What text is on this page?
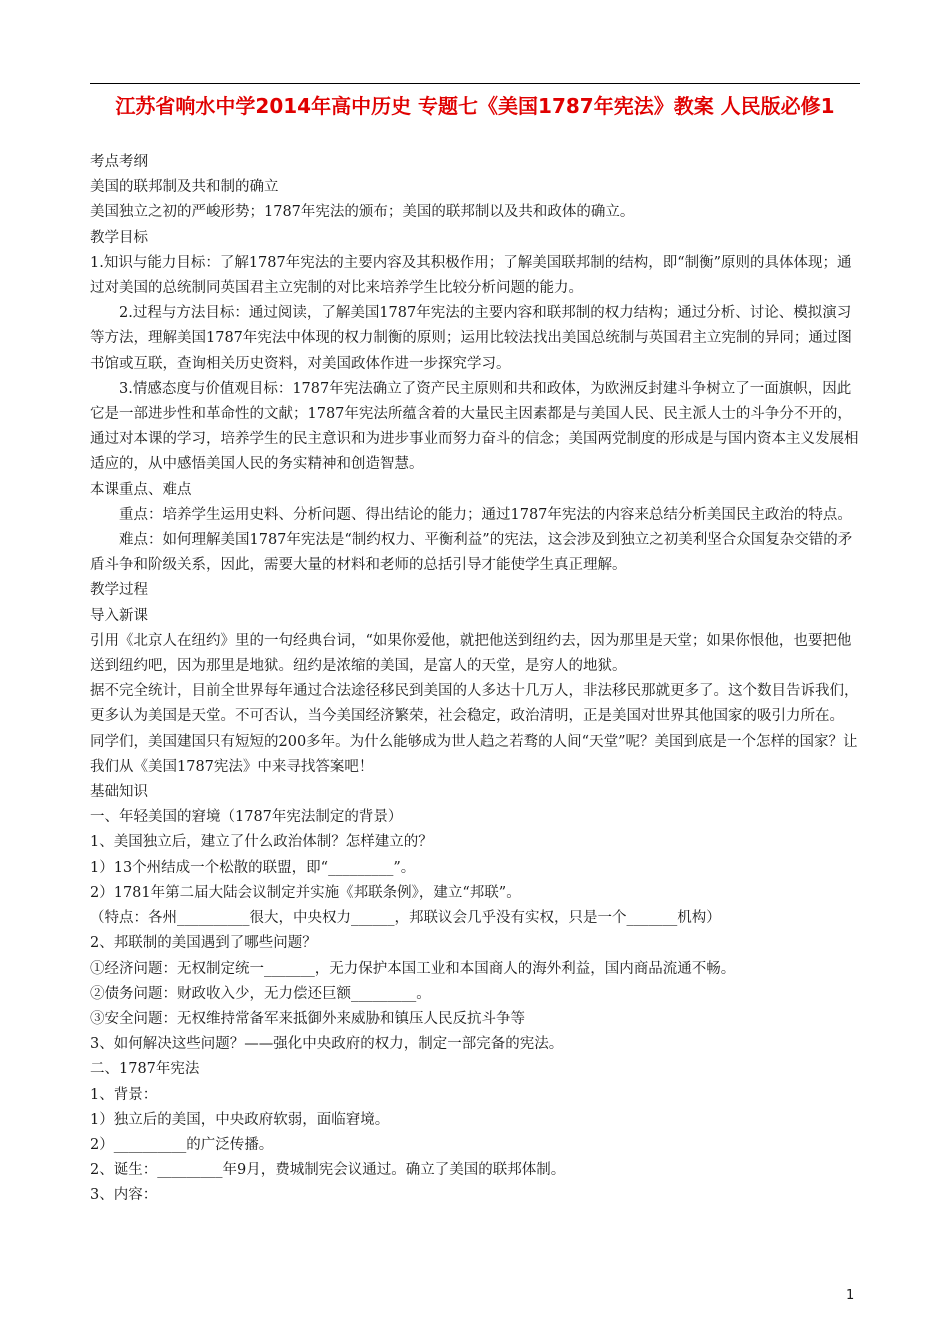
江苏省响水中学2014年高中历史 专题七《美国1787年宪法》教案 人民版必修1

考点考纲

美国的联邦制及共和制的确立

美国独立之初的严峻形势；1787年宪法的颁布；美国的联邦制以及共和政体的确立。

教学目标

1.知识与能力目标：了解1787年宪法的主要内容及其积极作用；了解美国联邦制的结构，即“制衡”原则的具体体现；通过对美国的总统制同英国君主立宪制的对比来培养学生比较分析问题的能力。

2.过程与方法目标：通过阅读，了解美国1787年宪法的主要内容和联邦制的权力结构；通过分析、讨论、模拟演习等方法，理解美国1787年宪法中体现的权力制衡的原则；运用比较法找出美国总统制与英国君主立宪制的异同；通过图书馆或互联，查询相关历史资料，对美国政体作进一步探究学习。

3.情感态度与价值观目标：1787年宪法确立了资产民主原则和共和政体，为欧洲反封建斗争树立了一面旗帜，因此它是一部进步性和革命性的文献；1787年宪法所蕴含着的大量民主因素都是与美国人民、民主派人士的斗争分不开的，通过对本课的学习，培养学生的民主意识和为进步事业而努力奋斗的信念；美国两党制度的形成是与国内资本主义发展相适应的，从中感悟美国人民的务实精神和创造智慧。

本课重点、难点

重点：培养学生运用史料、分析问题、得出结论的能力；通过1787年宪法的内容来总结分析美国民主政治的特点。

难点：如何理解美国1787年宪法是“制约权力、平衡利益”的宪法，这会涉及到独立之初美利坚合众国复杂交错的矛盾斗争和阶级关系，因此，需要大量的材料和老师的总括引导才能使学生真正理解。

教学过程

导入新课

引用《北京人在纽约》里的一句经典台词，“如果你爱他，就把他送到纽约去，因为那里是天堂；如果你恨他，也要把他送到纽约吧，因为那里是地狱。纽约是浓缩的美国，是富人的天堂，是穷人的地狱。

据不完全统计，目前全世界每年通过合法途径移民到美国的人多达十几万人，非法移民那就更多了。这个数目告诉我们，更多认为美国是天堂。不可否认，当今美国经济繁荣，社会稳定，政治清明，正是美国对世界其他国家的吸引力所在。

同学们，美国建国只有短短的200多年。为什么能够成为世人趋之若骛的人间“天堂”呢？美国到底是一个怎样的国家？让我们从《美国1787宪法》中来寻找答案吧！

基础知识

一、年轻美国的窘境（1787年宪法制定的背景）

1、美国独立后，建立了什么政治体制？怎样建立的？

1）13个州结成一个松散的联盟，即“_________”。

2）1781年第二届大陆会议制定并实施《邦联条例》，建立“邦联”。

（特点：各州__________很大，中央权力______，邦联议会几乎没有实权，只是一个_______机构）

2、邦联制的美国遇到了哪些问题？

①经济问题：无权制定统一_______，无力保护本国工业和本国商人的海外利益，国内商品流通不畅。

②债务问题：财政收入少，无力偿还巨额_________。

③安全问题：无权维持常备军来抵御外来威胁和镇压人民反抗斗争等

3、如何解决这些问题？——强化中央政府的权力，制定一部完备的宪法。

二、1787年宪法

1、背景：

1）独立后的美国，中央政府软弱，面临窘境。

2）__________的广泛传播。

2、诞生：_________年9月，费城制宪会议通过。确立了美国的联邦体制。

3、内容：

1
